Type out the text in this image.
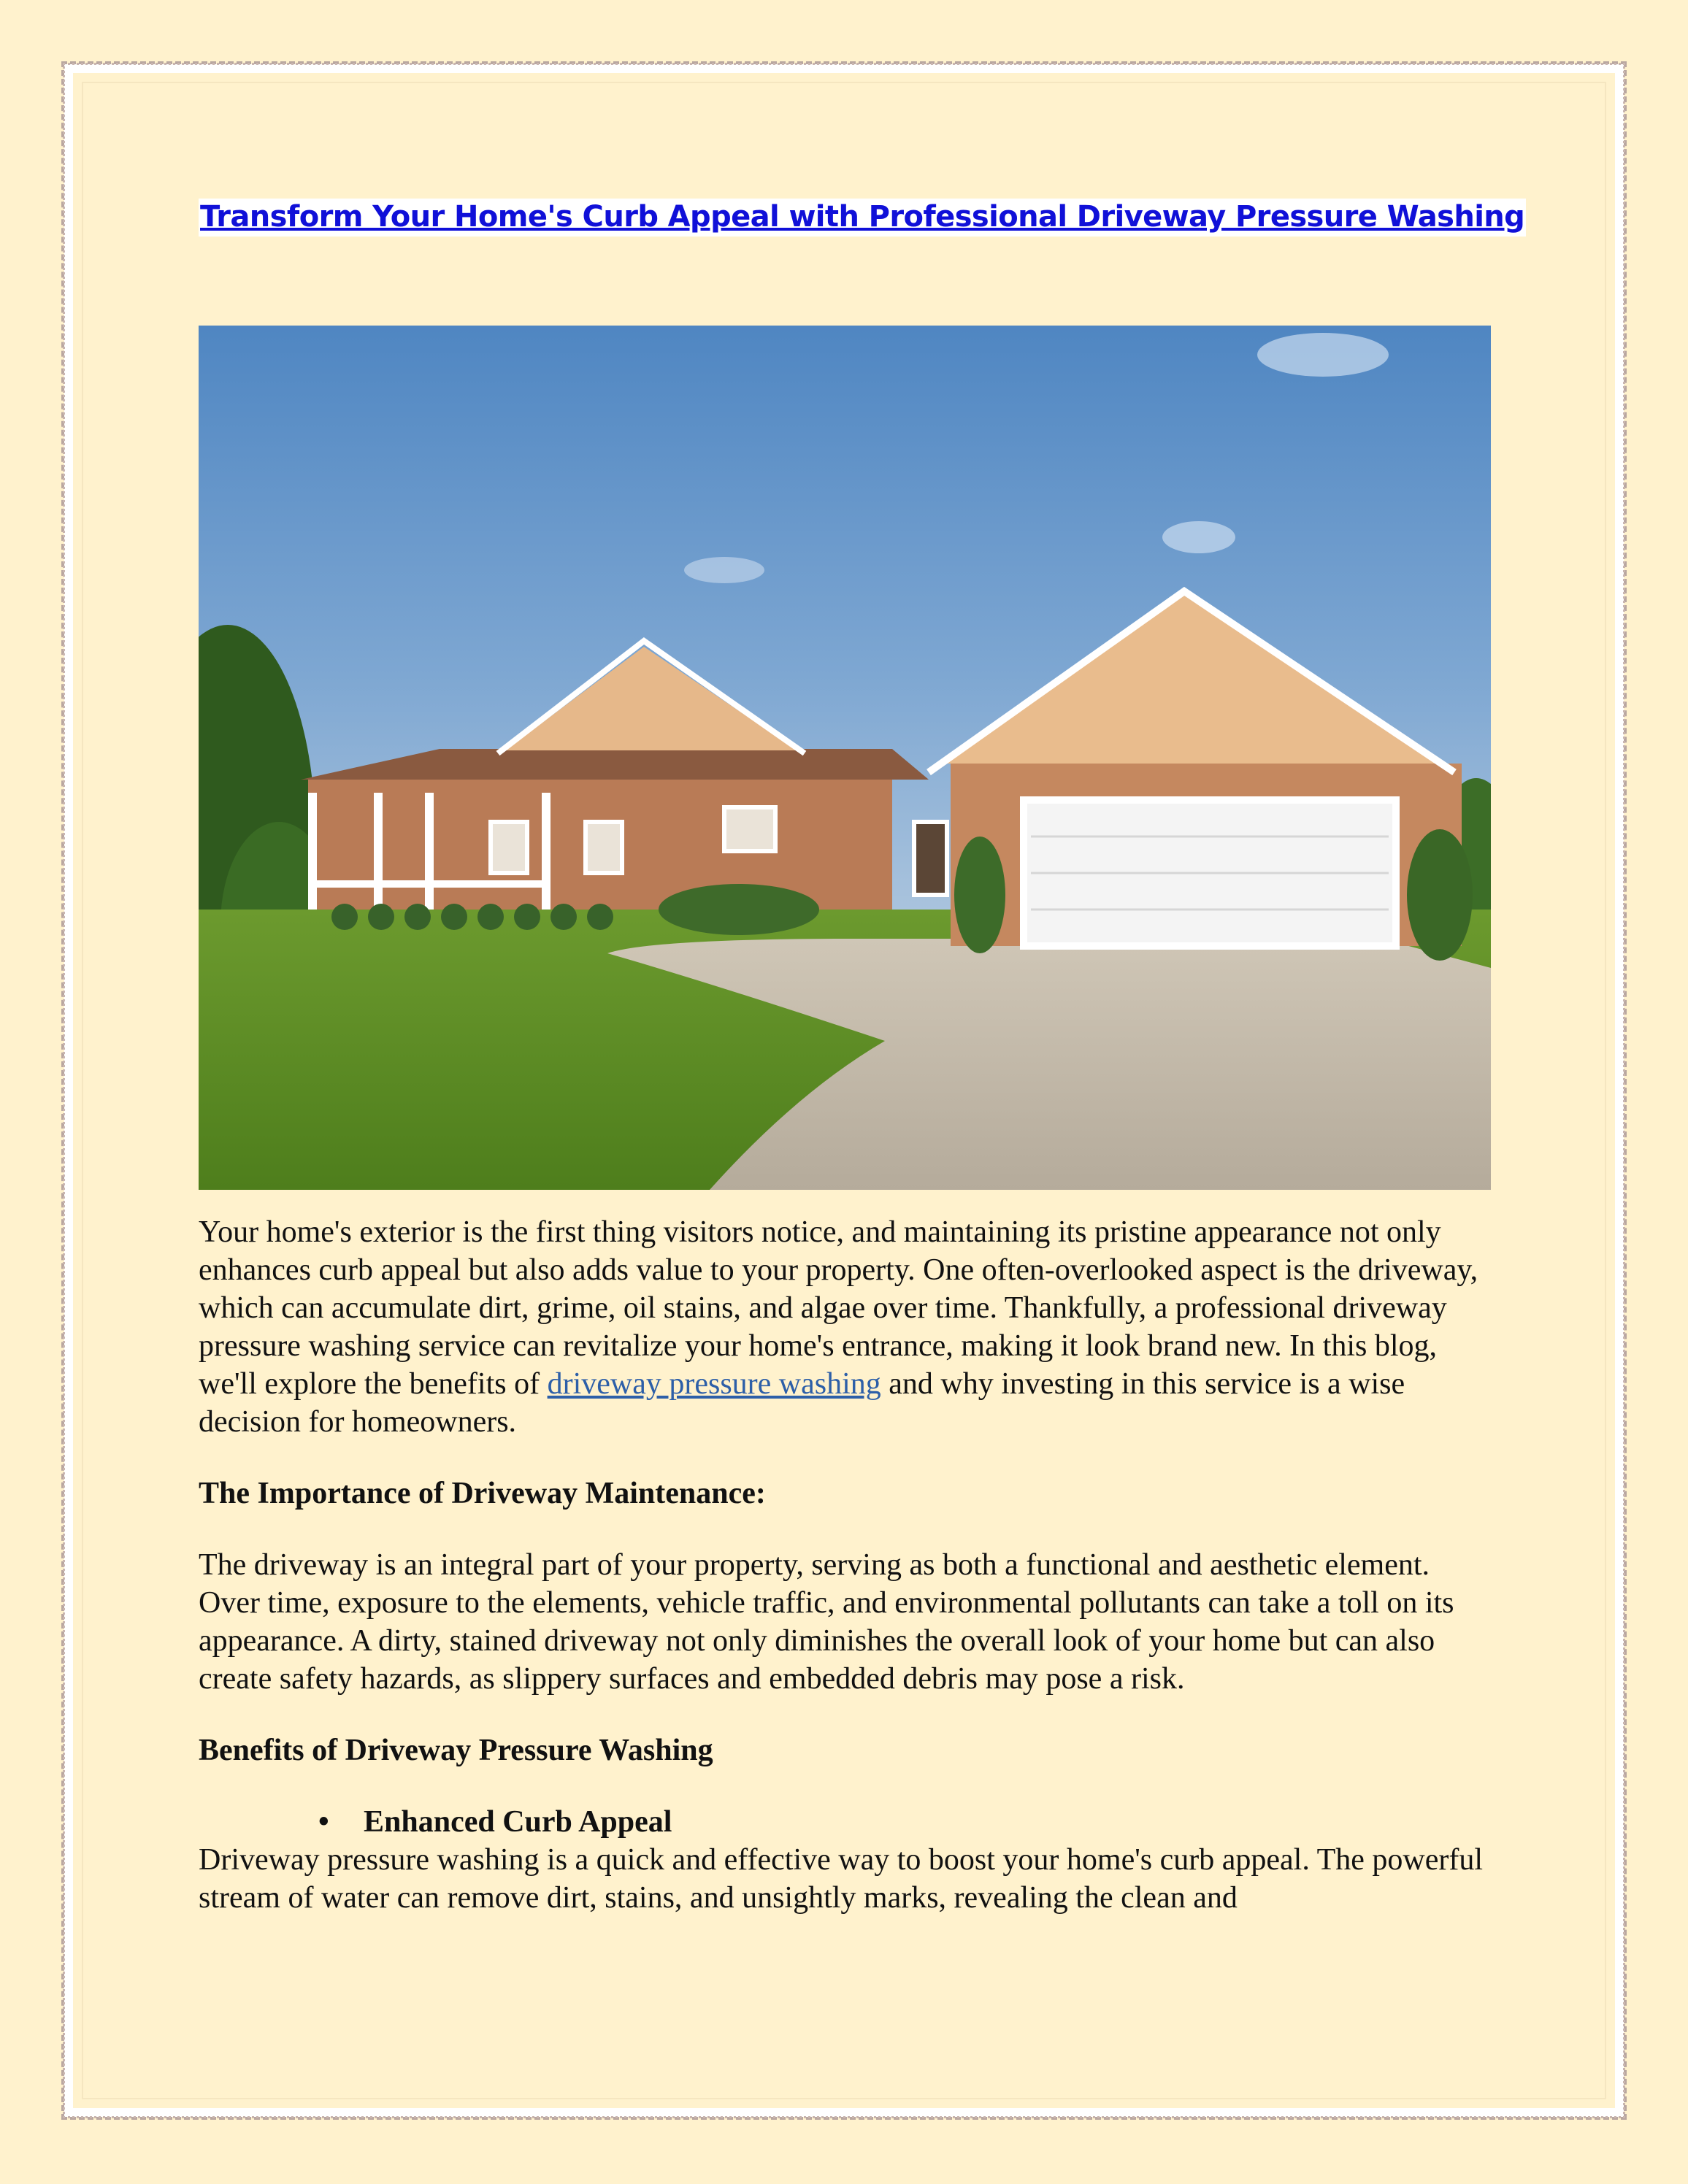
Transform Your Home's Curb Appeal with Professional Driveway Pressure Washing

Your home's exterior is the first thing visitors notice, and maintaining its pristine appearance not only enhances curb appeal but also adds value to your property. One often-overlooked aspect is the driveway, which can accumulate dirt, grime, oil stains, and algae over time. Thankfully, a professional driveway pressure washing service can revitalize your home's entrance, making it look brand new. In this blog, we'll explore the benefits of driveway pressure washing and why investing in this service is a wise decision for homeowners.

The Importance of Driveway Maintenance:

The driveway is an integral part of your property, serving as both a functional and aesthetic element. Over time, exposure to the elements, vehicle traffic, and environmental pollutants can take a toll on its appearance. A dirty, stained driveway not only diminishes the overall look of your home but can also create safety hazards, as slippery surfaces and embedded debris may pose a risk.

Benefits of Driveway Pressure Washing

• Enhanced Curb Appeal

Driveway pressure washing is a quick and effective way to boost your home's curb appeal. The powerful stream of water can remove dirt, stains, and unsightly marks, revealing the clean and
